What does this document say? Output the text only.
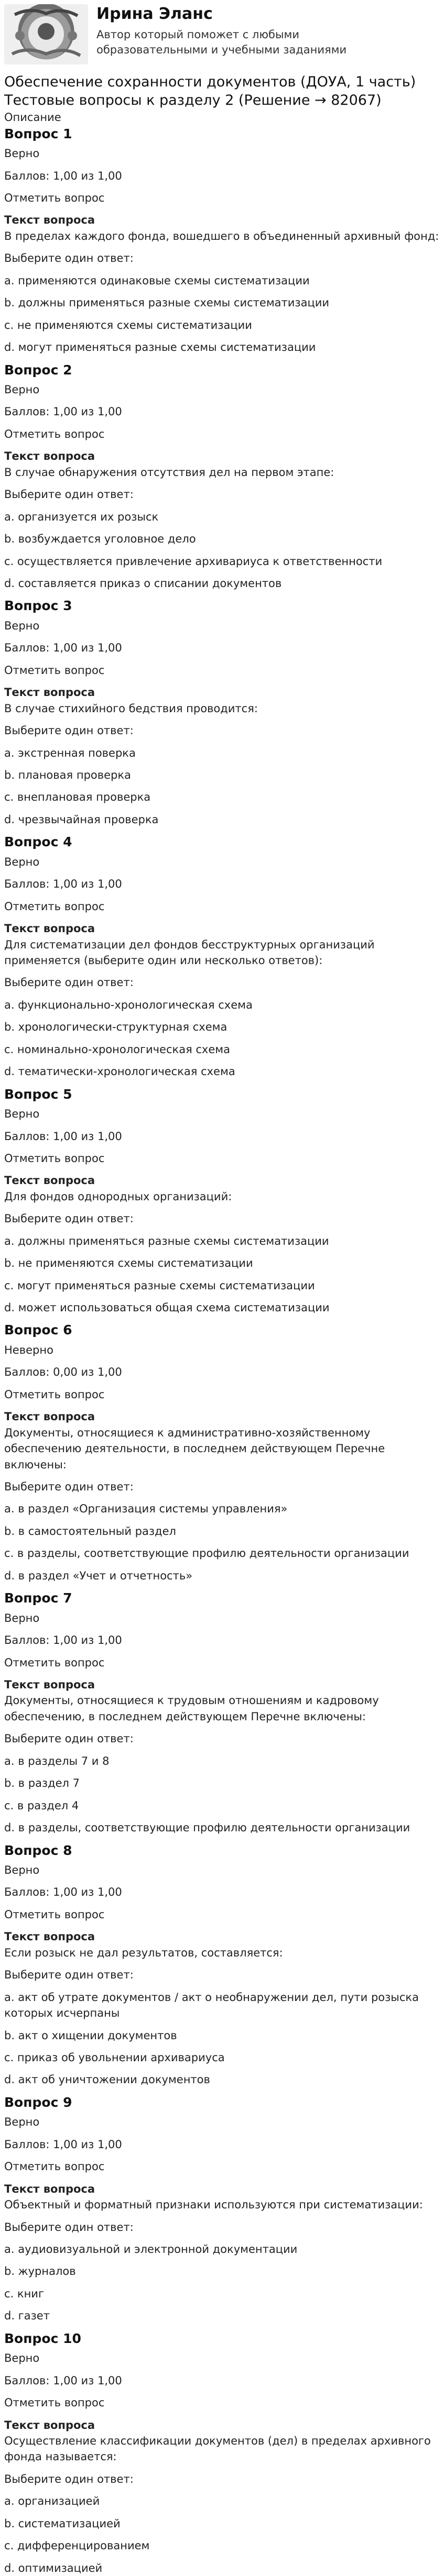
Ирина Эланс
Автор который поможет с любыми образовательными и учебными заданиями
Обеспечение сохранности документов (ДОУА, 1 часть) Тестовые вопросы к разделу 2 (Решение → 82067)
Описание
Вопрос 1
Верно
Баллов: 1,00 из 1,00
Отметить вопрос
Текст вопроса
В пределах каждого фонда, вошедшего в объединенный архивный фонд:
Выберите один ответ:
a. применяются одинаковые схемы систематизации
b. должны применяться разные схемы систематизации
c. не применяются схемы систематизации
d. могут применяться разные схемы систематизации
Вопрос 2
Верно
Баллов: 1,00 из 1,00
Отметить вопрос
Текст вопроса
В случае обнаружения отсутствия дел на первом этапе:
Выберите один ответ:
a. организуется их розыск
b. возбуждается уголовное дело
c. осуществляется привлечение архивариуса к ответственности
d. составляется приказ о списании документов
Вопрос 3
Верно
Баллов: 1,00 из 1,00
Отметить вопрос
Текст вопроса
В случае стихийного бедствия проводится:
Выберите один ответ:
a. экстренная поверка
b. плановая проверка
c. внеплановая проверка
d. чрезвычайная проверка
Вопрос 4
Верно
Баллов: 1,00 из 1,00
Отметить вопрос
Текст вопроса
Для систематизации дел фондов бесструктурных организаций применяется (выберите один или несколько ответов):
Выберите один ответ:
a. функционально-хронологическая схема
b. хронологически-структурная схема
c. номинально-хронологическая схема
d. тематически-хронологическая схема
Вопрос 5
Верно
Баллов: 1,00 из 1,00
Отметить вопрос
Текст вопроса
Для фондов однородных организаций:
Выберите один ответ:
a. должны применяться разные схемы систематизации
b. не применяются схемы систематизации
c. могут применяться разные схемы систематизации
d. может использоваться общая схема систематизации
Вопрос 6
Неверно
Баллов: 0,00 из 1,00
Отметить вопрос
Текст вопроса
Документы, относящиеся к административно-хозяйственному обеспечению деятельности, в последнем действующем Перечне включены:
Выберите один ответ:
a. в раздел «Организация системы управления»
b. в самостоятельный раздел
c. в разделы, соответствующие профилю деятельности организации
d. в раздел «Учет и отчетность»
Вопрос 7
Верно
Баллов: 1,00 из 1,00
Отметить вопрос
Текст вопроса
Документы, относящиеся к трудовым отношениям и кадровому обеспечению, в последнем действующем Перечне включены:
Выберите один ответ:
a. в разделы 7 и 8
b. в раздел 7
c. в раздел 4
d. в разделы, соответствующие профилю деятельности организации
Вопрос 8
Верно
Баллов: 1,00 из 1,00
Отметить вопрос
Текст вопроса
Если розыск не дал результатов, составляется:
Выберите один ответ:
a. акт об утрате документов / акт о необнаружении дел, пути розыска которых исчерпаны
b. акт о хищении документов
c. приказ об увольнении архивариуса
d. акт об уничтожении документов
Вопрос 9
Верно
Баллов: 1,00 из 1,00
Отметить вопрос
Текст вопроса
Объектный и форматный признаки используются при систематизации:
Выберите один ответ:
a. аудиовизуальной и электронной документации
b. журналов
c. книг
d. газет
Вопрос 10
Верно
Баллов: 1,00 из 1,00
Отметить вопрос
Текст вопроса
Осуществление классификации документов (дел) в пределах архивного фонда называется:
Выберите один ответ:
a. организацией
b. систематизацией
c. дифференцированием
d. оптимизацией
